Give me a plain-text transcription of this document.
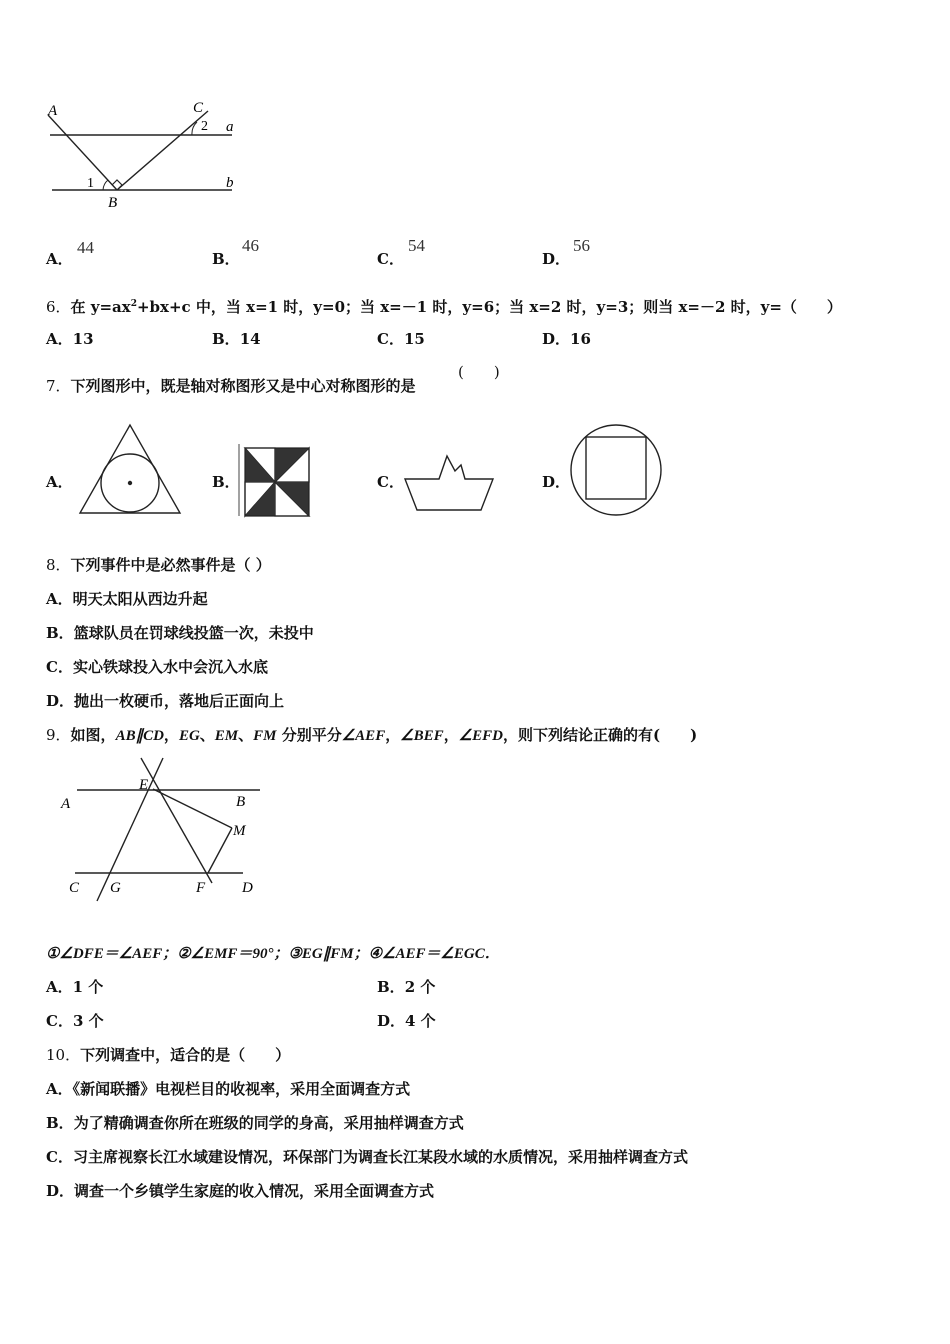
A	C
B
a
b
1
2
A．
44
B．
46
C．
54
D．
56
6．在 $y=ax^2+bx+c$ 中，当 x=1 时，y=0；当 x=－1 时，y=6；当 x=2 时，y=3；则当 x=－2 时，y=（　　）
A．13	B．14	C．15	D．16
7．下列图形中，既是轴对称图形又是中心对称图形的是
(　　)
A．	B．	C．	D．
8．下列事件中是必然事件是（ ）
A．明天太阳从西边升起
B．篮球队员在罚球线投篮一次，未投中
C．实心铁球投入水中会沉入水底
D．抛出一枚硬币，落地后正面向上
9．如图，AB∥CD，EG、EM、FM 分别平分∠AEF，∠BEF，∠EFD，则下列结论正确的有(　　)
E
A	B
M
C G	F D
①∠DFE＝∠AEF；②∠EMF＝90°；③EG∥FM；④∠AEF＝∠EGC．
A．1 个	B．2 个
C．3 个	D．4 个
10．下列调查中，适合的是（　　）
A．《新闻联播》电视栏目的收视率，采用全面调查方式
B．为了精确调查你所在班级的同学的身高，采用抽样调查方式
C．习主席视察长江水域建设情况，环保部门为调查长江某段水域的水质情况，采用抽样调查方式
D．调查一个乡镇学生家庭的收入情况，采用全面调查方式
